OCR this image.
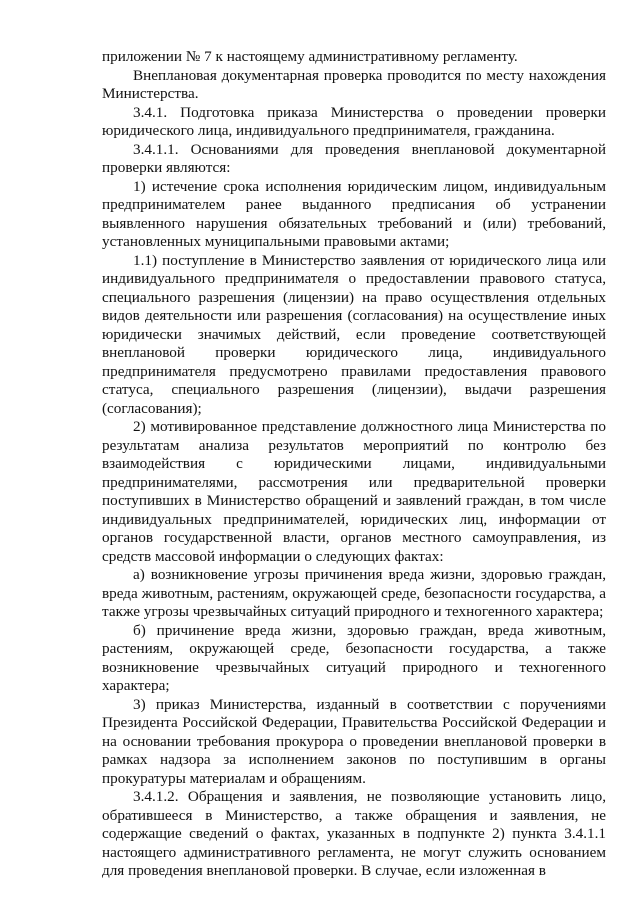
приложении № 7 к настоящему административному регламенту.

Внеплановая документарная проверка проводится по месту нахождения Министерства.

3.4.1. Подготовка приказа Министерства о проведении проверки юридического лица, индивидуального предпринимателя, гражданина.

3.4.1.1. Основаниями для проведения внеплановой документарной проверки являются:

1) истечение срока исполнения юридическим лицом, индивидуальным предпринимателем ранее выданного предписания об устранении выявленного нарушения обязательных требований и (или) требований, установленных муниципальными правовыми актами;

1.1) поступление в Министерство заявления от юридического лица или индивидуального предпринимателя о предоставлении правового статуса, специального разрешения (лицензии) на право осуществления отдельных видов деятельности или разрешения (согласования) на осуществление иных юридически значимых действий, если проведение соответствующей внеплановой проверки юридического лица, индивидуального предпринимателя предусмотрено правилами предоставления правового статуса, специального разрешения (лицензии), выдачи разрешения (согласования);

2) мотивированное представление должностного лица Министерства по результатам анализа результатов мероприятий по контролю без взаимодействия с юридическими лицами, индивидуальными предпринимателями, рассмотрения или предварительной проверки поступивших в Министерство обращений и заявлений граждан, в том числе индивидуальных предпринимателей, юридических лиц, информации от органов государственной власти, органов местного самоуправления, из средств массовой информации о следующих фактах:

а) возникновение угрозы причинения вреда жизни, здоровью граждан, вреда животным, растениям, окружающей среде, безопасности государства, а также угрозы чрезвычайных ситуаций природного и техногенного характера;

б) причинение вреда жизни, здоровью граждан, вреда животным, растениям, окружающей среде, безопасности государства, а также возникновение чрезвычайных ситуаций природного и техногенного характера;

3) приказ Министерства, изданный в соответствии с поручениями Президента Российской Федерации, Правительства Российской Федерации и на основании требования прокурора о проведении внеплановой проверки в рамках надзора за исполнением законов по поступившим в органы прокуратуры материалам и обращениям.

3.4.1.2. Обращения и заявления, не позволяющие установить лицо, обратившееся в Министерство, а также обращения и заявления, не содержащие сведений о фактах, указанных в подпункте 2) пункта 3.4.1.1 настоящего административного регламента, не могут служить основанием для проведения внеплановой проверки. В случае, если изложенная в
